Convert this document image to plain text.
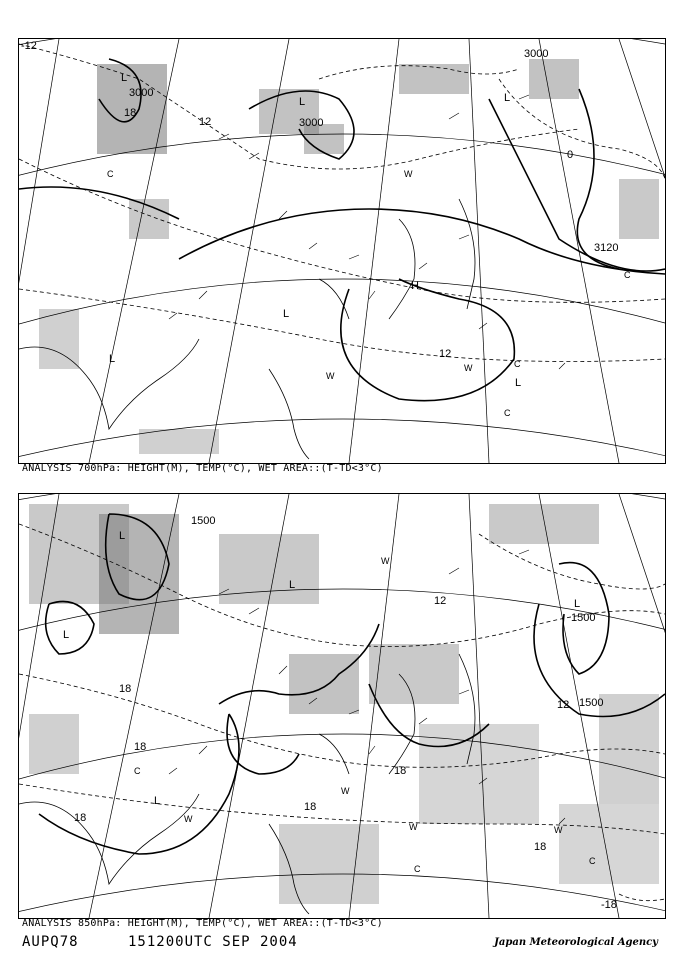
-12
3000
3000
3000
3120
12
18
0
12
L
L	L
L
L
H
L
W
W
W
C
C
C
C
ANALYSIS 700hPa: HEIGHT(M), TEMP(°C), WET AREA::(T-TD<3°C)
1500
1500
1500
18
18
18
18
18
18
12
-18
12
L
L
L
L
L
W
W
W
W	W
C
C
C
ANALYSIS 850hPa: HEIGHT(M), TEMP(°C), WET AREA::(T-TD<3°C)
AUPQ78	151200UTC SEP 2004	Japan Meteorological Agency
